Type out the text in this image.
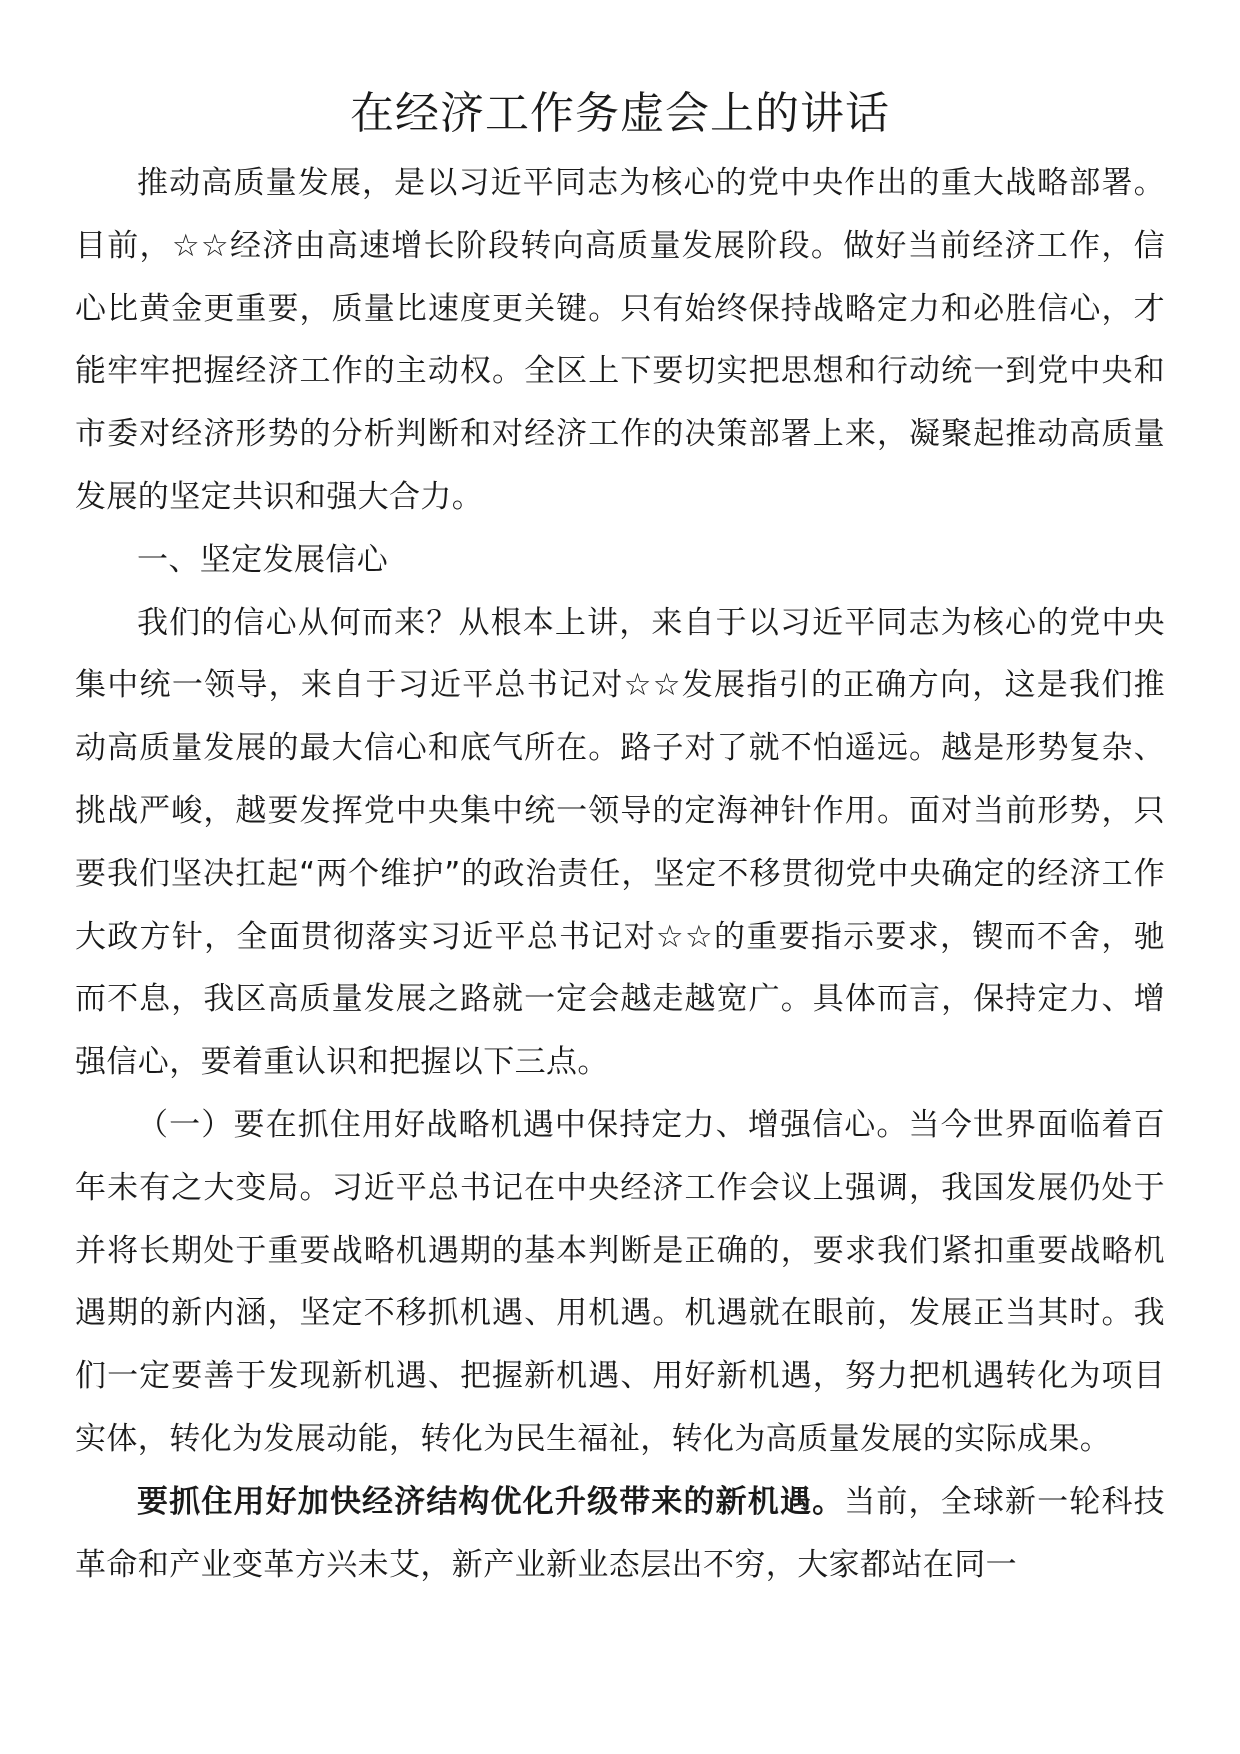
在经济工作务虚会上的讲话

推动高质量发展，是以习近平同志为核心的党中央作出的重大战略部署。目前，☆☆经济由高速增长阶段转向高质量发展阶段。做好当前经济工作，信心比黄金更重要，质量比速度更关键。只有始终保持战略定力和必胜信心，才能牢牢把握经济工作的主动权。全区上下要切实把思想和行动统一到党中央和市委对经济形势的分析判断和对经济工作的决策部署上来，凝聚起推动高质量发展的坚定共识和强大合力。

一、坚定发展信心

我们的信心从何而来？从根本上讲，来自于以习近平同志为核心的党中央集中统一领导，来自于习近平总书记对☆☆发展指引的正确方向，这是我们推动高质量发展的最大信心和底气所在。路子对了就不怕遥远。越是形势复杂、挑战严峻，越要发挥党中央集中统一领导的定海神针作用。面对当前形势，只要我们坚决扛起“两个维护”的政治责任，坚定不移贯彻党中央确定的经济工作大政方针，全面贯彻落实习近平总书记对☆☆的重要指示要求，锲而不舍，驰而不息，我区高质量发展之路就一定会越走越宽广。具体而言，保持定力、增强信心，要着重认识和把握以下三点。

（一）要在抓住用好战略机遇中保持定力、增强信心。当今世界面临着百年未有之大变局。习近平总书记在中央经济工作会议上强调，我国发展仍处于并将长期处于重要战略机遇期的基本判断是正确的，要求我们紧扣重要战略机遇期的新内涵，坚定不移抓机遇、用机遇。机遇就在眼前，发展正当其时。我们一定要善于发现新机遇、把握新机遇、用好新机遇，努力把机遇转化为项目实体，转化为发展动能，转化为民生福祉，转化为高质量发展的实际成果。

要抓住用好加快经济结构优化升级带来的新机遇。当前，全球新一轮科技革命和产业变革方兴未艾，新产业新业态层出不穷，大家都站在同一
